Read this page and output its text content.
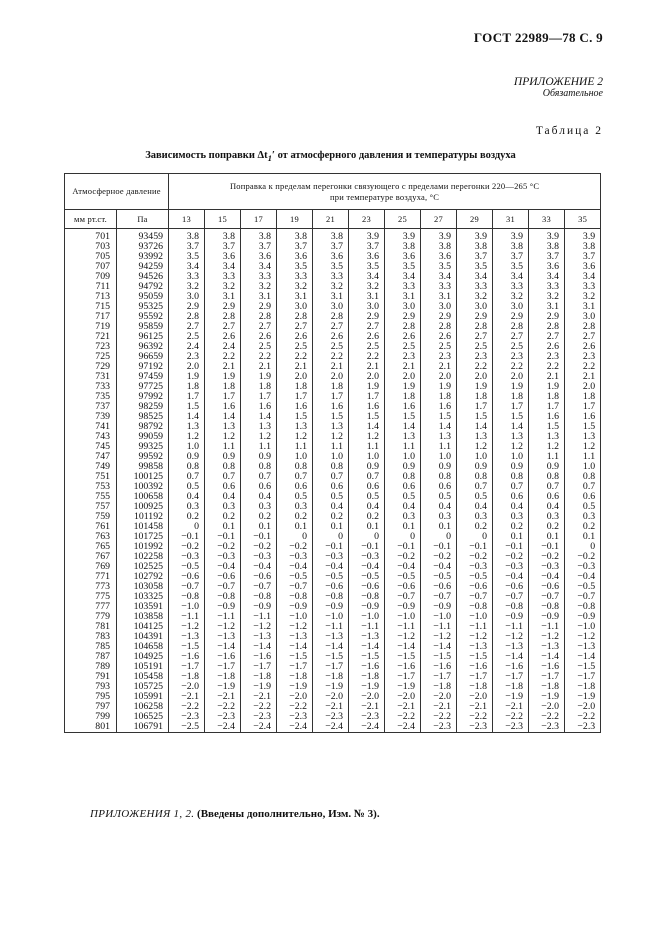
ГОСТ 22989—78 С. 9
ПРИЛОЖЕНИЕ 2
Обязательное
Таблица 2
Зависимость поправки $\Delta t_1'$ от атмосферного давления и температуры воздуха
Атмосферное давление		Поправка к пределам перегонки связующего с пределами перегонки 220—265 °С
при температуре воздуха, °С											

мм рт.ст.	Па	13	15	17	19	21	23	25	27	29	31	33	35
701	93459	3.8	3.8	3.8	3.8	3.8	3.9	3.9	3.9	3.9	3.9	3.9	3.9
703	93726	3.7	3.7	3.7	3.7	3.7	3.7	3.8	3.8	3.8	3.8	3.8	3.8
705	93992	3.5	3.6	3.6	3.6	3.6	3.6	3.6	3.6	3.7	3.7	3.7	3.7
707	94259	3.4	3.4	3.4	3.5	3.5	3.5	3.5	3.5	3.5	3.5	3.6	3.6
709	94526	3.3	3.3	3.3	3.3	3.3	3.4	3.4	3.4	3.4	3.4	3.4	3.4
711	94792	3.2	3.2	3.2	3.2	3.2	3.2	3.3	3.3	3.3	3.3	3.3	3.3
713	95059	3.0	3.1	3.1	3.1	3.1	3.1	3.1	3.1	3.2	3.2	3.2	3.2
715	95325	2.9	2.9	2.9	3.0	3.0	3.0	3.0	3.0	3.0	3.0	3.1	3.1
717	95592	2.8	2.8	2.8	2.8	2.8	2.9	2.9	2.9	2.9	2.9	2.9	3.0
719	95859	2.7	2.7	2.7	2.7	2.7	2.7	2.8	2.8	2.8	2.8	2.8	2.8
721	96125	2.5	2.6	2.6	2.6	2.6	2.6	2.6	2.6	2.7	2.7	2.7	2.7
723	96392	2.4	2.4	2.5	2.5	2.5	2.5	2.5	2.5	2.5	2.5	2.6	2.6
725	96659	2.3	2.2	2.2	2.2	2.2	2.2	2.3	2.3	2.3	2.3	2.3	2.3
729	97192	2.0	2.1	2.1	2.1	2.1	2.1	2.1	2.1	2.2	2.2	2.2	2.2
731	97459	1.9	1.9	1.9	2.0	2.0	2.0	2.0	2.0	2.0	2.0	2.1	2.1
733	97725	1.8	1.8	1.8	1.8	1.8	1.9	1.9	1.9	1.9	1.9	1.9	2.0
735	97992	1.7	1.7	1.7	1.7	1.7	1.7	1.8	1.8	1.8	1.8	1.8	1.8
737	98259	1.5	1.6	1.6	1.6	1.6	1.6	1.6	1.6	1.7	1.7	1.7	1.7
739	98525	1.4	1.4	1.4	1.5	1.5	1.5	1.5	1.5	1.5	1.5	1.6	1.6
741	98792	1.3	1.3	1.3	1.3	1.3	1.4	1.4	1.4	1.4	1.4	1.5	1.5
743	99059	1.2	1.2	1.2	1.2	1.2	1.2	1.3	1.3	1.3	1.3	1.3	1.3
745	99325	1.0	1.1	1.1	1.1	1.1	1.1	1.1	1.1	1.2	1.2	1.2	1.2
747	99592	0.9	0.9	0.9	1.0	1.0	1.0	1.0	1.0	1.0	1.0	1.1	1.1
749	99858	0.8	0.8	0.8	0.8	0.8	0.9	0.9	0.9	0.9	0.9	0.9	1.0
751	100125	0.7	0.7	0.7	0.7	0.7	0.7	0.8	0.8	0.8	0.8	0.8	0.8
753	100392	0.5	0.6	0.6	0.6	0.6	0.6	0.6	0.6	0.7	0.7	0.7	0.7
755	100658	0.4	0.4	0.4	0.5	0.5	0.5	0.5	0.5	0.5	0.6	0.6	0.6
757	100925	0.3	0.3	0.3	0.3	0.4	0.4	0.4	0.4	0.4	0.4	0.4	0.5
759	101192	0.2	0.2	0.2	0.2	0.2	0.2	0.3	0.3	0.3	0.3	0.3	0.3
761	101458	0	0.1	0.1	0.1	0.1	0.1	0.1	0.1	0.2	0.2	0.2	0.2
763	101725	−0.1	−0.1	−0.1	0	0	0	0	0	0	0.1	0.1	0.1
765	101992	−0.2	−0.2	−0.2	−0.2	−0.1	−0.1	−0.1	−0.1	−0.1	−0.1	−0.1	0
767	102258	−0.3	−0.3	−0.3	−0.3	−0.3	−0.3	−0.2	−0.2	−0.2	−0.2	−0.2	−0.2
769	102525	−0.5	−0.4	−0.4	−0.4	−0.4	−0.4	−0.4	−0.4	−0.3	−0.3	−0.3	−0.3
771	102792	−0.6	−0.6	−0.6	−0.5	−0.5	−0.5	−0.5	−0.5	−0.5	−0.4	−0.4	−0.4
773	103058	−0.7	−0.7	−0.7	−0.7	−0.6	−0.6	−0.6	−0.6	−0.6	−0.6	−0.6	−0.5
775	103325	−0.8	−0.8	−0.8	−0.8	−0.8	−0.8	−0.7	−0.7	−0.7	−0.7	−0.7	−0.7
777	103591	−1.0	−0.9	−0.9	−0.9	−0.9	−0.9	−0.9	−0.9	−0.8	−0.8	−0.8	−0.8
779	103858	−1.1	−1.1	−1.1	−1.0	−1.0	−1.0	−1.0	−1.0	−1.0	−0.9	−0.9	−0.9
781	104125	−1.2	−1.2	−1.2	−1.2	−1.1	−1.1	−1.1	−1.1	−1.1	−1.1	−1.1	−1.0
783	104391	−1.3	−1.3	−1.3	−1.3	−1.3	−1.3	−1.2	−1.2	−1.2	−1.2	−1.2	−1.2
785	104658	−1.5	−1.4	−1.4	−1.4	−1.4	−1.4	−1.4	−1.4	−1.3	−1.3	−1.3	−1.3
787	104925	−1.6	−1.6	−1.6	−1.5	−1.5	−1.5	−1.5	−1.5	−1.5	−1.4	−1.4	−1.4
789	105191	−1.7	−1.7	−1.7	−1.7	−1.7	−1.6	−1.6	−1.6	−1.6	−1.6	−1.6	−1.5
791	105458	−1.8	−1.8	−1.8	−1.8	−1.8	−1.8	−1.7	−1.7	−1.7	−1.7	−1.7	−1.7
793	105725	−2.0	−1.9	−1.9	−1.9	−1.9	−1.9	−1.9	−1.8	−1.8	−1.8	−1.8	−1.8
795	105991	−2.1	−2.1	−2.1	−2.0	−2.0	−2.0	−2.0	−2.0	−2.0	−1.9	−1.9	−1.9
797	106258	−2.2	−2.2	−2.2	−2.2	−2.1	−2.1	−2.1	−2.1	−2.1	−2.1	−2.0	−2.0
799	106525	−2.3	−2.3	−2.3	−2.3	−2.3	−2.3	−2.2	−2.2	−2.2	−2.2	−2.2	−2.2
801	106791	−2.5	−2.4	−2.4	−2.4	−2.4	−2.4	−2.4	−2.3	−2.3	−2.3	−2.3	−2.3
ПРИЛОЖЕНИЯ 1, 2. (Введены дополнительно, Изм. № 3).
